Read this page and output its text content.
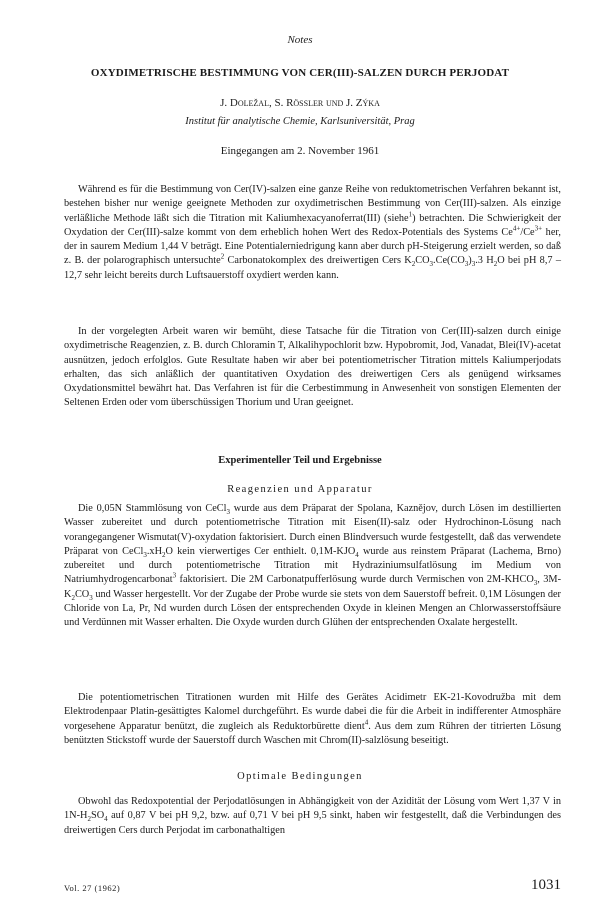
Notes
OXYDIMETRISCHE BESTIMMUNG VON CER(III)-SALZEN DURCH PERJODAT
J. Doležal, S. Rössler und J. Zýka
Institut für analytische Chemie, Karlsuniversität, Prag
Eingegangen am 2. November 1961

Während es für die Bestimmung von Cer(IV)-salzen eine ganze Reihe von reduktometrischen Verfahren bekannt ist, bestehen bisher nur wenige geeignete Methoden zur oxydimetrischen Bestimmung von Cer(III)-salzen. Als einzige verläßliche Methode läßt sich die Titration mit Kaliumhexacyanoferrat(III) (siehe$^1$) betrachten. Die Schwierigkeit der Oxydation der Cer(III)-salze kommt von dem erheblich hohen Wert des Redox-Potentials des Systems $Ce^{4+}/Ce^{3+}$ her, der in saurem Medium 1,44 V beträgt. Eine Potentialerniedrigung kann aber durch pH-Steigerung erzielt werden, so daß z. B. der polarographisch untersuchte$^2$ Carbonatokomplex des dreiwertigen Cers $K_2CO_3.Ce(CO_3)_3.3$ $H_2O$ bei pH 8,7 – 12,7 sehr leicht bereits durch Luftsauerstoff oxydiert werden kann.

In der vorgelegten Arbeit waren wir bemüht, diese Tatsache für die Titration von Cer(III)-salzen durch einige oxydimetrische Reagenzien, z. B. durch Chloramin T, Alkalihypochlorit bzw. Hypobromit, Jod, Vanadat, Blei(IV)-acetat ausnützen, jedoch erfolglos. Gute Resultate haben wir aber bei potentiometrischer Titration mittels Kaliumperjodats erhalten, das sich anläßlich der quantitativen Oxydation des dreiwertigen Cers als genügend wirksames Oxydationsmittel bewährt hat. Das Verfahren ist für die Cerbestimmung in Anwesenheit von sonstigen Elementen der Seltenen Erden oder vom überschüssigen Thorium und Uran geeignet.

Experimenteller Teil und Ergebnisse
Reagenzien und Apparatur

Die 0,05N Stammlösung von CeCl$_3$ wurde aus dem Präparat der Spolana, Kaznějov, durch Lösen im destillierten Wasser zubereitet und durch potentiometrische Titration mit Eisen(II)-salz oder Hydrochinon-Lösung nach vorangegangener Wismutat(V)-oxydation faktorisiert. Durch einen Blindversuch wurde festgestellt, daß das verwendete Präparat von $CeCl_3.xH_2O$ kein vierwertiges Cer enthielt. $0,1M-KJO_4$ wurde aus reinstem Präparat (Lachema, Brno) zubereitet und durch potentiometrische Titration mit Hydraziniumsulfatlösung im Medium von Natriumhydrogencarbonat$^3$ faktorisiert. Die 2M Carbonatpufferlösung wurde durch Vermischen von $2M-KHCO_3$, $3M-K_2CO_3$ und Wasser hergestellt. Vor der Zugabe der Probe wurde sie stets von dem Sauerstoff befreit. 0,1M Lösungen der Chloride von La, Pr, Nd wurden durch Lösen der entsprechenden Oxyde in kleinen Mengen an Chlorwasserstoffsäure und Verdünnen mit Wasser erhalten. Die Oxyde wurden durch Glühen der entsprechenden Oxalate hergestellt.

Die potentiometrischen Titrationen wurden mit Hilfe des Gerätes Acidimetr EK-21-Kovodružba mit dem Elektrodenpaar Platin-gesättigtes Kalomel durchgeführt. Es wurde dabei die für die Arbeit in indifferenter Atmosphäre vorgesehene Apparatur benützt, die zugleich als Reduktorbürette dient$^4$. Aus dem zum Rühren der titrierten Lösung benützten Stickstoff wurde der Sauerstoff durch Waschen mit Chrom(II)-salzlösung beseitigt.

Optimale Bedingungen

Obwohl das Redoxpotential der Perjodatlösungen in Abhängigkeit von der Azidität der Lösung vom Wert 1,37 V in $1N-H_2SO_4$ auf 0,87 V bei pH 9,2, bzw. auf 0,71 V bei pH 9,5 sinkt, haben wir festgestellt, daß die Verbindungen des dreiwertigen Cers durch Perjodat im carbonathaltigen

Vol. 27 (1962)	1031
